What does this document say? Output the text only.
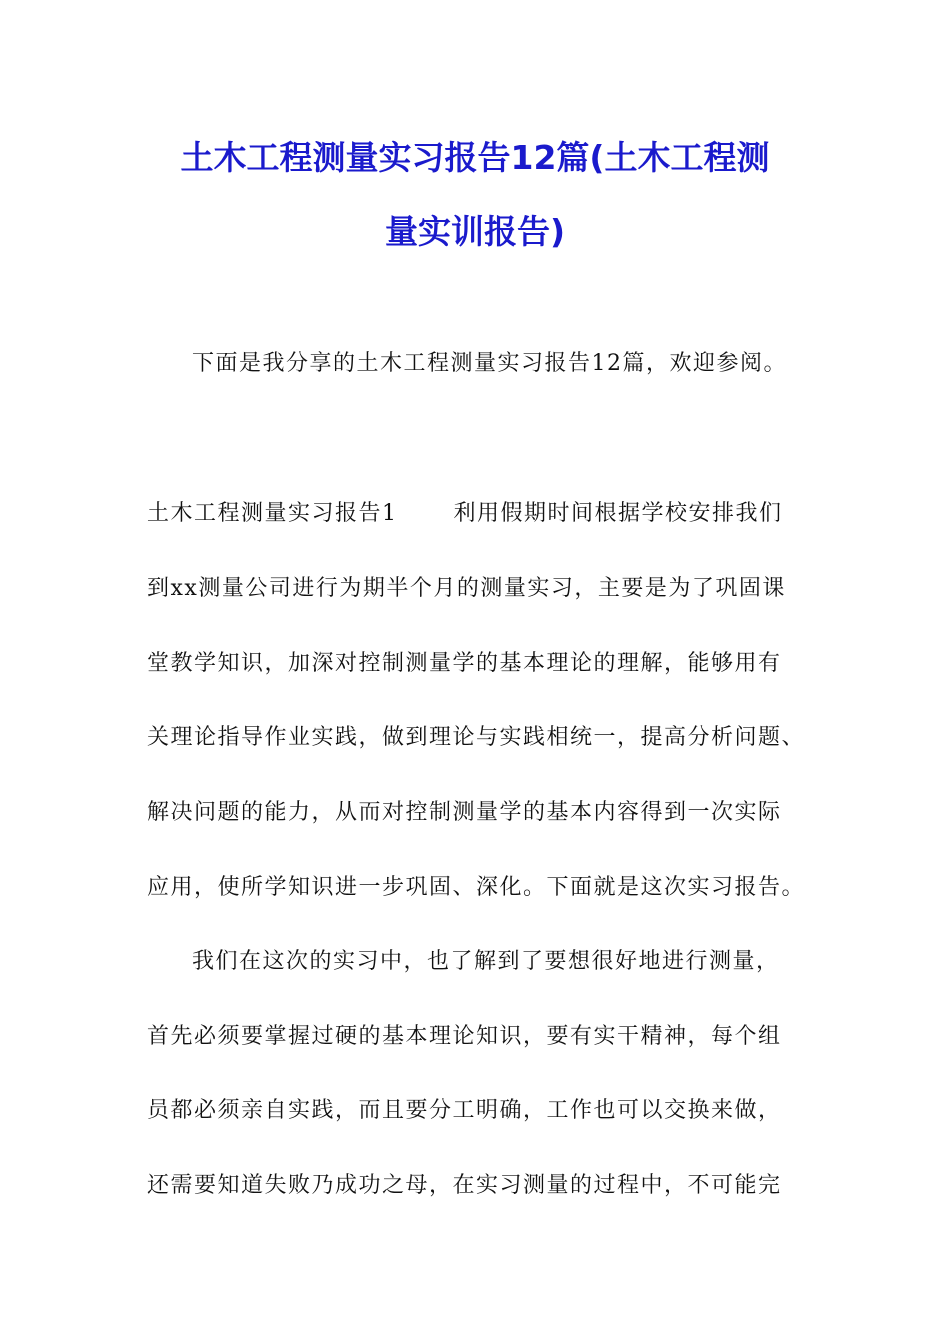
土木工程测量实习报告12篇(土木工程测
量实训报告)

下面是我分享的土木工程测量实习报告12篇，欢迎参阅。

土木工程测量实习报告1	利用假期时间根据学校安排我们

到xx测量公司进行为期半个月的测量实习，主要是为了巩固课

堂教学知识，加深对控制测量学的基本理论的理解，能够用有

关理论指导作业实践，做到理论与实践相统一，提高分析问题、

解决问题的能力，从而对控制测量学的基本内容得到一次实际

应用，使所学知识进一步巩固、深化。下面就是这次实习报告。

我们在这次的实习中，也了解到了要想很好地进行测量，

首先必须要掌握过硬的基本理论知识，要有实干精神，每个组

员都必须亲自实践，而且要分工明确，工作也可以交换来做，

还需要知道失败乃成功之母，在实习测量的过程中，不可能完
